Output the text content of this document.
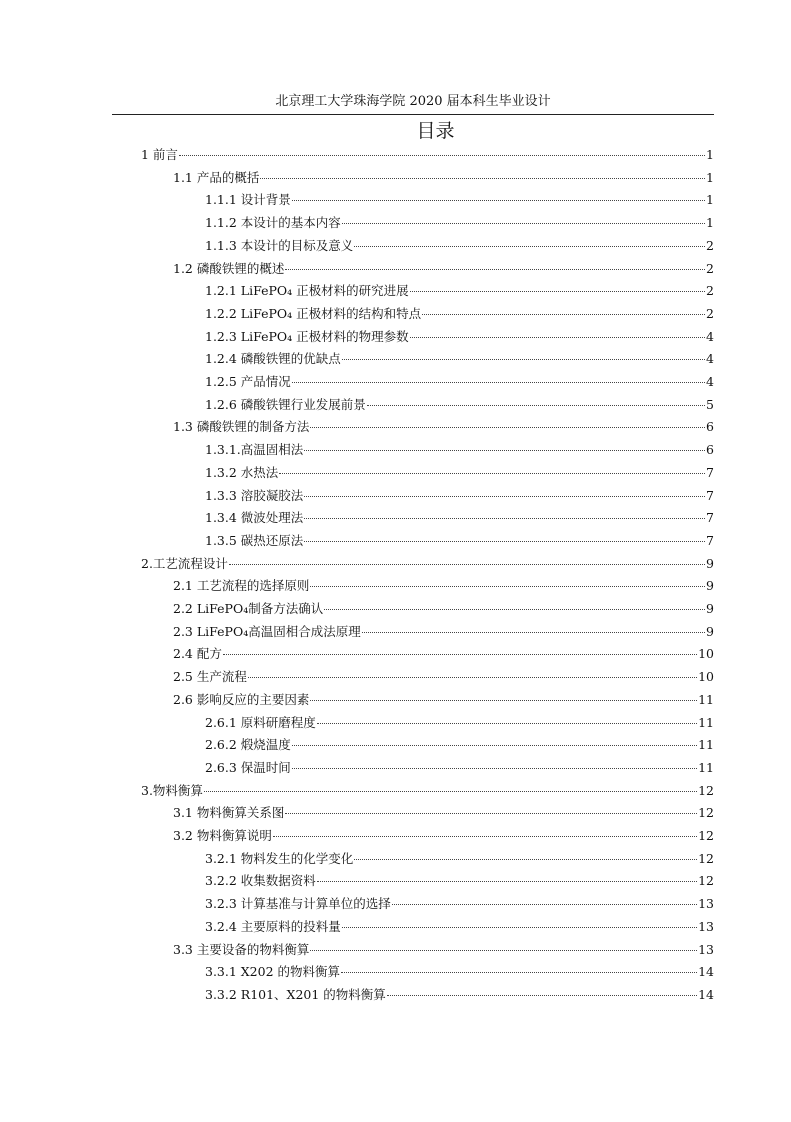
北京理工大学珠海学院 2020 届本科生毕业设计
目录
1 前言	1
1.1 产品的概括	1
1.1.1 设计背景	1
1.1.2 本设计的基本内容	1
1.1.3 本设计的目标及意义	2
1.2 磷酸铁锂的概述	2
1.2.1 LiFePO₄ 正极材料的研究进展	2
1.2.2 LiFePO₄ 正极材料的结构和特点	2
1.2.3 LiFePO₄ 正极材料的物理参数	4
1.2.4 磷酸铁锂的优缺点	4
1.2.5 产品情况	4
1.2.6 磷酸铁锂行业发展前景	5
1.3 磷酸铁锂的制备方法	6
1.3.1.高温固相法	6
1.3.2 水热法	7
1.3.3 溶胶凝胶法	7
1.3.4 微波处理法	7
1.3.5 碳热还原法	7
2.工艺流程设计	9
2.1 工艺流程的选择原则	9
2.2 LiFePO₄制备方法确认	9
2.3 LiFePO₄高温固相合成法原理	9
2.4 配方	10
2.5 生产流程	10
2.6 影响反应的主要因素	11
2.6.1 原料研磨程度	11
2.6.2 煅烧温度	11
2.6.3 保温时间	11
3.物料衡算	12
3.1 物料衡算关系图	12
3.2 物料衡算说明	12
3.2.1 物料发生的化学变化	12
3.2.2 收集数据资料	12
3.2.3 计算基准与计算单位的选择	13
3.2.4 主要原料的投料量	13
3.3 主要设备的物料衡算	13
3.3.1 X202 的物料衡算	14
3.3.2 R101、X201 的物料衡算	14
